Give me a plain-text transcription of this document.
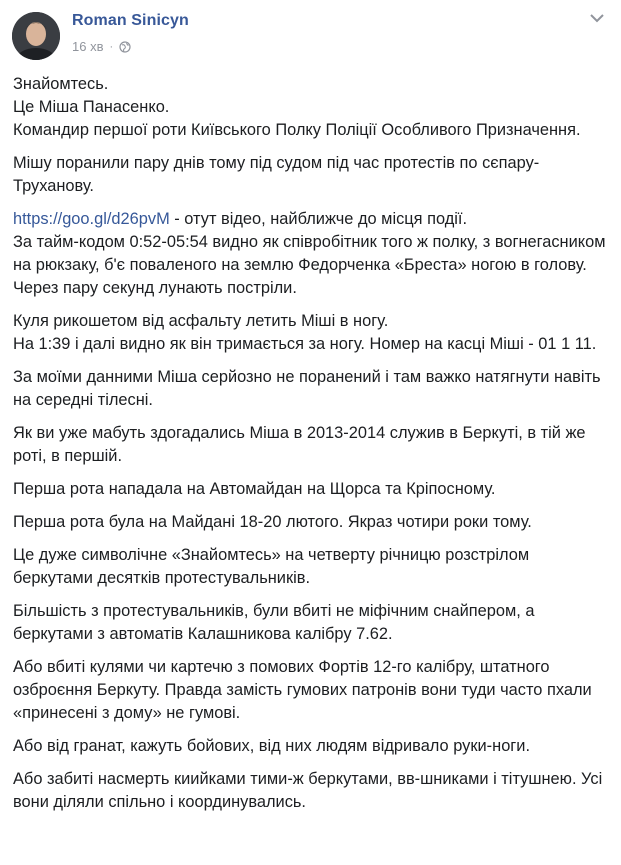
Roman Sinicyn
16 хв ·

Знайомтесь.
Це Міша Панасенко.
Командир першої роти Київського Полку Поліції Особливого Призначення.

Мішу поранили пару днів тому під судом під час протестів по сєпару-Труханову.

https://goo.gl/d26pvM - отут відео, найближче до місця події.
За тайм-кодом 0:52-05:54 видно як співробітник того ж полку, з вогнегасником на рюкзаку, б'є поваленого на землю Федорченка «Бреста» ногою в голову. Через пару секунд лунають постріли.

Куля рикошетом від асфальту летить Міші в ногу.
На 1:39 і далі видно як він тримається за ногу. Номер на касці Міші - 01 1 11.

За моїми данними Міша серйозно не поранений і там важко натягнути навіть на середні тілесні.

Як ви уже мабуть здогадались Міша в 2013-2014 служив в Беркуті, в тій же роті, в першій.

Перша рота нападала на Автомайдан на Щорса та Кріпосному.

Перша рота була на Майдані 18-20 лютого. Якраз чотири роки тому.

Це дуже символічне «Знайомтесь» на четверту річницю розстрілом беркутами десятків протестувальників.

Більшість з протестувальників, були вбиті не міфічним снайпером, а беркутами з автоматів Калашникова калібру 7.62.

Або вбиті кулями чи картечю з помових Фортів 12-го калібру, штатного озброєння Беркуту. Правда замість гумових патронів вони туди часто пхали «принесені з дому» не гумові.

Або від гранат, кажуть бойових, від них людям відривало руки-ноги.

Або забиті насмерть киийками тими-ж беркутами, вв-шниками і тітушнею. Усі вони діляли спільно і координувались.
